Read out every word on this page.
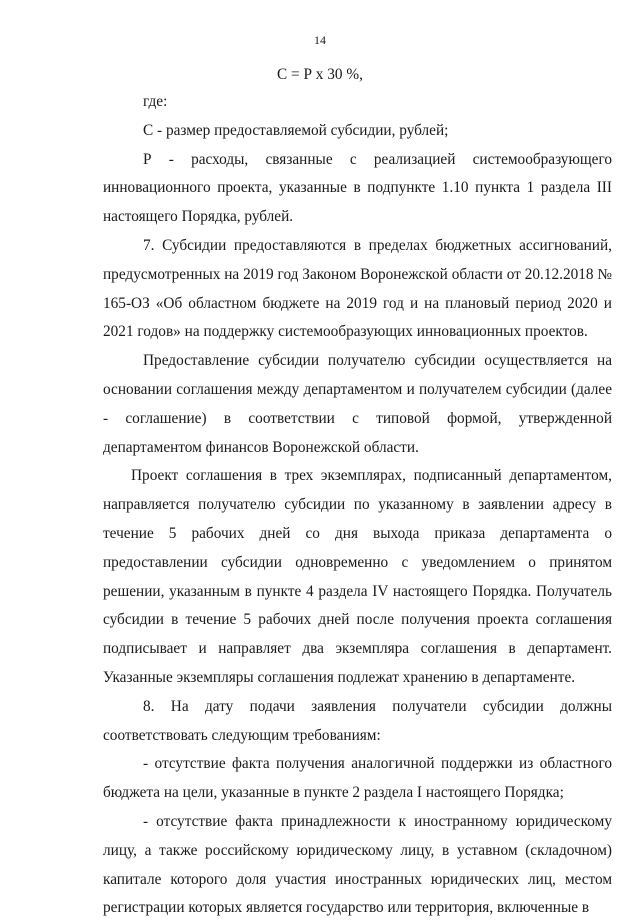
14
С = Р х 30 %,

где:

С - размер предоставляемой субсидии, рублей;

Р - расходы, связанные с реализацией системообразующего инновационного проекта, указанные в подпункте 1.10 пункта 1 раздела III настоящего Порядка, рублей.

7. Субсидии предоставляются в пределах бюджетных ассигнований, предусмотренных на 2019 год Законом Воронежской области от 20.12.2018 № 165-ОЗ «Об областном бюджете на 2019 год и на плановый период 2020 и 2021 годов» на поддержку системообразующих инновационных проектов.

Предоставление субсидии получателю субсидии осуществляется на основании соглашения между департаментом и получателем субсидии (далее - соглашение) в соответствии с типовой формой, утвержденной департаментом финансов Воронежской области.

Проект соглашения в трех экземплярах, подписанный департаментом, направляется получателю субсидии по указанному в заявлении адресу в течение 5 рабочих дней со дня выхода приказа департамента о предоставлении субсидии одновременно с уведомлением о принятом решении, указанным в пункте 4 раздела IV настоящего Порядка. Получатель субсидии в течение 5 рабочих дней после получения проекта соглашения подписывает и направляет два экземпляра соглашения в департамент. Указанные экземпляры соглашения подлежат хранению в департаменте.

8. На дату подачи заявления получатели субсидии должны соответствовать следующим требованиям:

- отсутствие факта получения аналогичной поддержки из областного бюджета на цели, указанные в пункте 2 раздела I настоящего Порядка;

- отсутствие факта принадлежности к иностранному юридическому лицу, а также российскому юридическому лицу, в уставном (складочном) капитале которого доля участия иностранных юридических лиц, местом регистрации которых является государство или территория, включенные в
